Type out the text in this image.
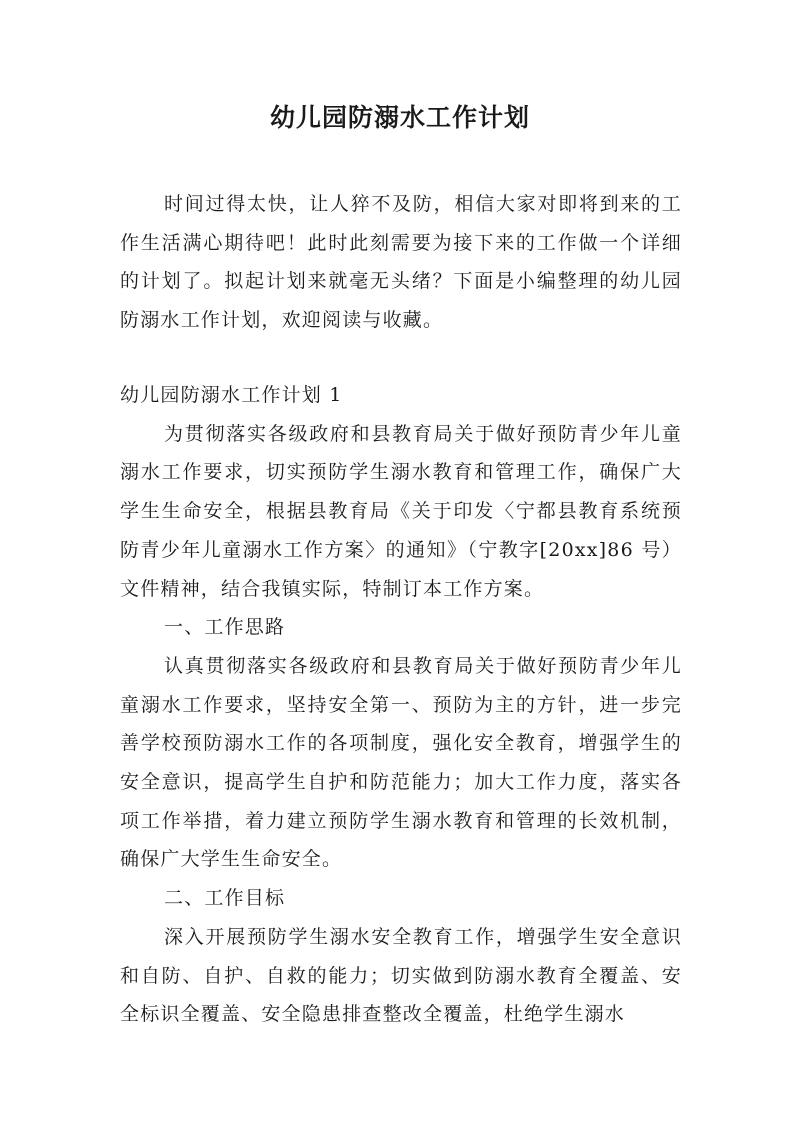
幼儿园防溺水工作计划

时间过得太快，让人猝不及防，相信大家对即将到来的工作生活满心期待吧！此时此刻需要为接下来的工作做一个详细的计划了。拟起计划来就毫无头绪？下面是小编整理的幼儿园防溺水工作计划，欢迎阅读与收藏。

幼儿园防溺水工作计划 1

为贯彻落实各级政府和县教育局关于做好预防青少年儿童溺水工作要求，切实预防学生溺水教育和管理工作，确保广大学生生命安全，根据县教育局《关于印发〈宁都县教育系统预防青少年儿童溺水工作方案〉的通知》（宁教字[20xx]86 号）文件精神，结合我镇实际，特制订本工作方案。

一、工作思路

认真贯彻落实各级政府和县教育局关于做好预防青少年儿童溺水工作要求，坚持安全第一、预防为主的方针，进一步完善学校预防溺水工作的各项制度，强化安全教育，增强学生的安全意识，提高学生自护和防范能力；加大工作力度，落实各项工作举措，着力建立预防学生溺水教育和管理的长效机制，确保广大学生生命安全。

二、工作目标

深入开展预防学生溺水安全教育工作，增强学生安全意识和自防、自护、自救的能力；切实做到防溺水教育全覆盖、安全标识全覆盖、安全隐患排查整改全覆盖，杜绝学生溺水
